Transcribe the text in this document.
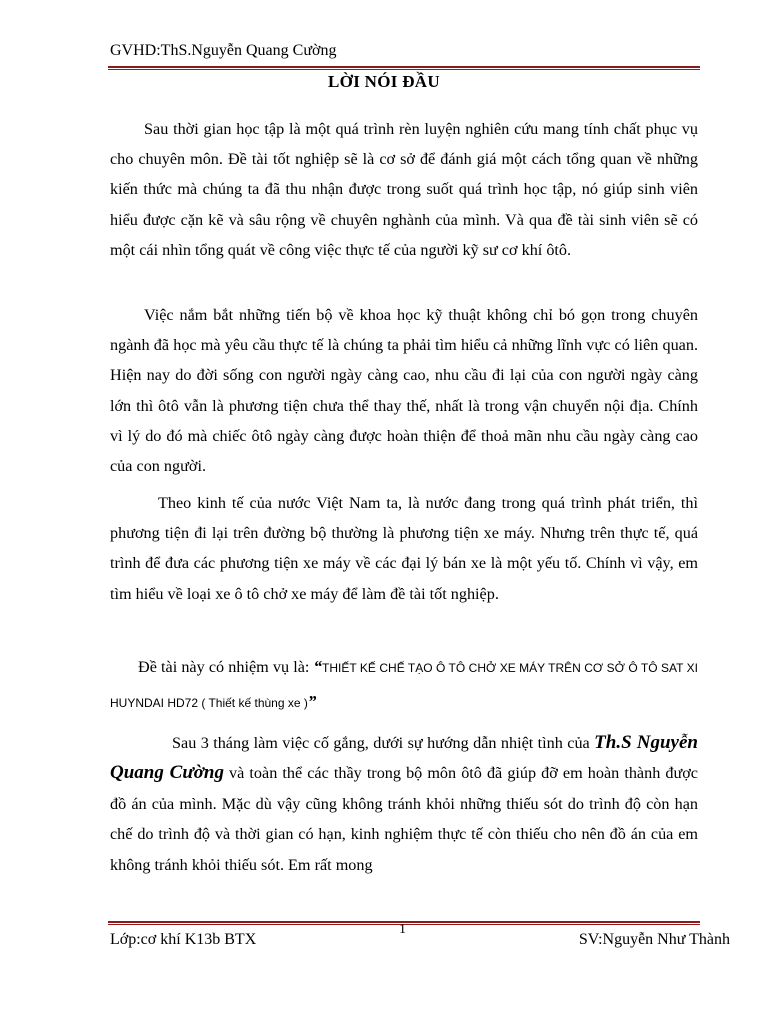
GVHD:ThS.Nguyễn Quang Cường
LỜI NÓI ĐẦU

Sau thời gian học tập là một quá trình rèn luyện nghiên cứu mang tính chất phục vụ cho chuyên môn. Đề tài tốt nghiệp sẽ là cơ sở để đánh giá một cách tổng quan về những kiến thức mà chúng ta đã thu nhận được trong suốt quá trình học tập, nó giúp sinh viên hiểu được cặn kẽ và sâu rộng về chuyên nghành của mình. Và qua đề tài sinh viên sẽ có một cái nhìn tổng quát về công việc thực tế của người kỹ sư cơ khí ôtô.

Việc nắm bắt những tiến bộ về khoa học kỹ thuật không chỉ bó gọn trong chuyên ngành đã học mà yêu cầu thực tế là chúng ta phải tìm hiểu cả những lĩnh vực có liên quan. Hiện nay do đời sống con người ngày càng cao, nhu cầu đi lại của con người ngày càng lớn thì ôtô vẫn là phương tiện chưa thể thay thế, nhất là trong vận chuyển nội địa. Chính vì lý do đó mà chiếc ôtô ngày càng được hoàn thiện để thoả mãn nhu cầu ngày càng cao của con người.

Theo kinh tế của nước Việt Nam ta, là nước đang trong quá trình phát triển, thì phương tiện đi lại trên đường bộ thường là phương tiện xe máy. Nhưng trên thực tế, quá trình để đưa các phương tiện xe máy về các đại lý bán xe là một yếu tố. Chính vì vậy, em tìm hiểu về loại xe ô tô chở xe máy để làm đề tài tốt nghiệp.

Đề tài này có nhiệm vụ là: “THIẾT KẾ CHẾ TẠO Ô TÔ CHỞ XE MÁY TRÊN CƠ SỞ Ô TÔ SAT XI HUYNDAI HD72 ( Thiết kế thùng xe )”

Sau 3 tháng làm việc cố gắng, dưới sự hướng dẫn nhiệt tình của Th.S Nguyễn Quang Cường và toàn thể các thầy trong bộ môn ôtô đã giúp đỡ em hoàn thành được đồ án của mình. Mặc dù vậy cũng không tránh khỏi những thiếu sót do trình độ còn hạn chế do trình độ và thời gian có hạn, kinh nghiệm thực tế còn thiếu cho nên đồ án của em không tránh khỏi thiếu sót. Em rất mong

1
Lớp:cơ khí K13b BTX	SV:Nguyễn Như Thành
